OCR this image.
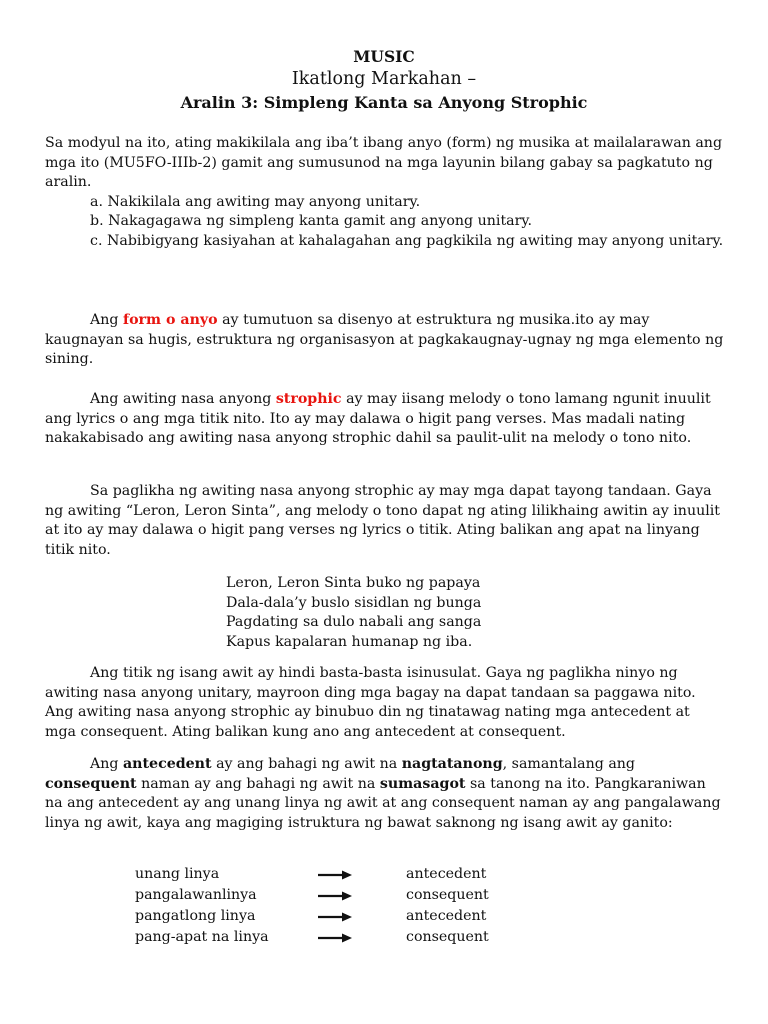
MUSIC
Ikatlong Markahan –
Aralin 3: Simpleng Kanta sa Anyong Strophic

Sa modyul na ito, ating makikilala ang iba’t ibang anyo (form) ng musika at mailalarawan ang mga ito (MU5FO-IIIb-2) gamit ang sumusunod na mga layunin bilang gabay sa pagkatuto ng aralin.

a. Nakikilala ang awiting may anyong unitary.

b. Nakagagawa ng simpleng kanta gamit ang anyong unitary.

c. Nabibigyang kasiyahan at kahalagahan ang pagkikila ng awiting may anyong unitary.

Ang form o anyo ay tumutuon sa disenyo at estruktura ng musika.ito ay may kaugnayan sa hugis, estruktura ng organisasyon at pagkakaugnay-ugnay ng mga elemento ng sining.

Ang awiting nasa anyong strophic ay may iisang melody o tono lamang ngunit inuulit ang lyrics o ang mga titik nito. Ito ay may dalawa o higit pang verses. Mas madali nating nakakabisado ang awiting nasa anyong strophic dahil sa paulit-ulit na melody o tono nito.

Sa paglikha ng awiting nasa anyong strophic ay may mga dapat tayong tandaan. Gaya ng awiting “Leron, Leron Sinta”, ang melody o tono dapat ng ating lilikhaing awitin ay inuulit at ito ay may dalawa o higit pang verses ng lyrics o titik. Ating balikan ang apat na linyang titik nito.

Leron, Leron Sinta buko ng papaya
Dala-dala’y buslo sisidlan ng bunga
Pagdating sa dulo nabali ang sanga
Kapus kapalaran humanap ng iba.

Ang titik ng isang awit ay hindi basta-basta isinusulat. Gaya ng paglikha ninyo ng awiting nasa anyong unitary, mayroon ding mga bagay na dapat tandaan sa paggawa nito. Ang awiting nasa anyong strophic ay binubuo din ng tinatawag nating mga antecedent at mga consequent. Ating balikan kung ano ang antecedent at consequent.

Ang antecedent ay ang bahagi ng awit na nagtatanong, samantalang ang consequent naman ay ang bahagi ng awit na sumasagot sa tanong na ito. Pangkaraniwan na ang antecedent ay ang unang linya ng awit at ang consequent naman ay ang pangalawang linya ng awit, kaya ang magiging istruktura ng bawat saknong ng isang awit ay ganito:

unang linya		antecedent
pangalawanlinya		consequent
pangatlong linya		antecedent
pang-apat na linya		consequent
